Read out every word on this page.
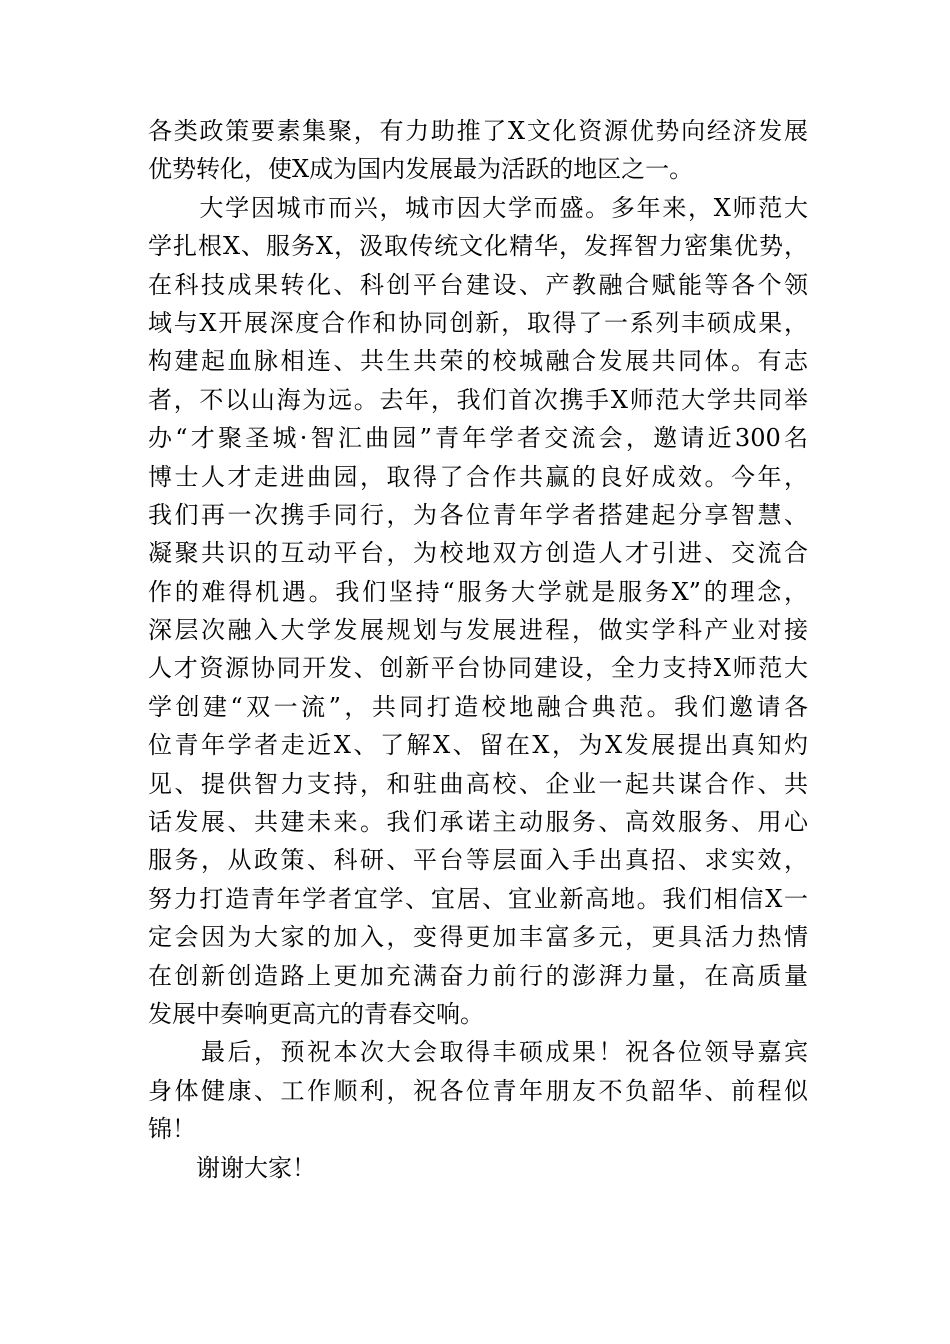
各类政策要素集聚，有力助推了X文化资源优势向经济发展
优势转化，使X成为国内发展最为活跃的地区之一。
　　大学因城市而兴，城市因大学而盛。多年来，X师范大
学扎根X、服务X，汲取传统文化精华，发挥智力密集优势，
在科技成果转化、科创平台建设、产教融合赋能等各个领
域与X开展深度合作和协同创新，取得了一系列丰硕成果，
构建起血脉相连、共生共荣的校城融合发展共同体。有志
者，不以山海为远。去年，我们首次携手X师范大学共同举
办“才聚圣城·智汇曲园”青年学者交流会，邀请近300名
博士人才走进曲园，取得了合作共赢的良好成效。今年，
我们再一次携手同行，为各位青年学者搭建起分享智慧、
凝聚共识的互动平台，为校地双方创造人才引进、交流合
作的难得机遇。我们坚持“服务大学就是服务X”的理念，
深层次融入大学发展规划与发展进程，做实学科产业对接
人才资源协同开发、创新平台协同建设，全力支持X师范大
学创建“双一流”，共同打造校地融合典范。我们邀请各
位青年学者走近X、了解X、留在X，为X发展提出真知灼
见、提供智力支持，和驻曲高校、企业一起共谋合作、共
话发展、共建未来。我们承诺主动服务、高效服务、用心
服务，从政策、科研、平台等层面入手出真招、求实效，
努力打造青年学者宜学、宜居、宜业新高地。我们相信X一
定会因为大家的加入，变得更加丰富多元，更具活力热情
在创新创造路上更加充满奋力前行的澎湃力量，在高质量
发展中奏响更高亢的青春交响。
　　最后，预祝本次大会取得丰硕成果！祝各位领导嘉宾
身体健康、工作顺利，祝各位青年朋友不负韶华、前程似
锦！
　　谢谢大家！
